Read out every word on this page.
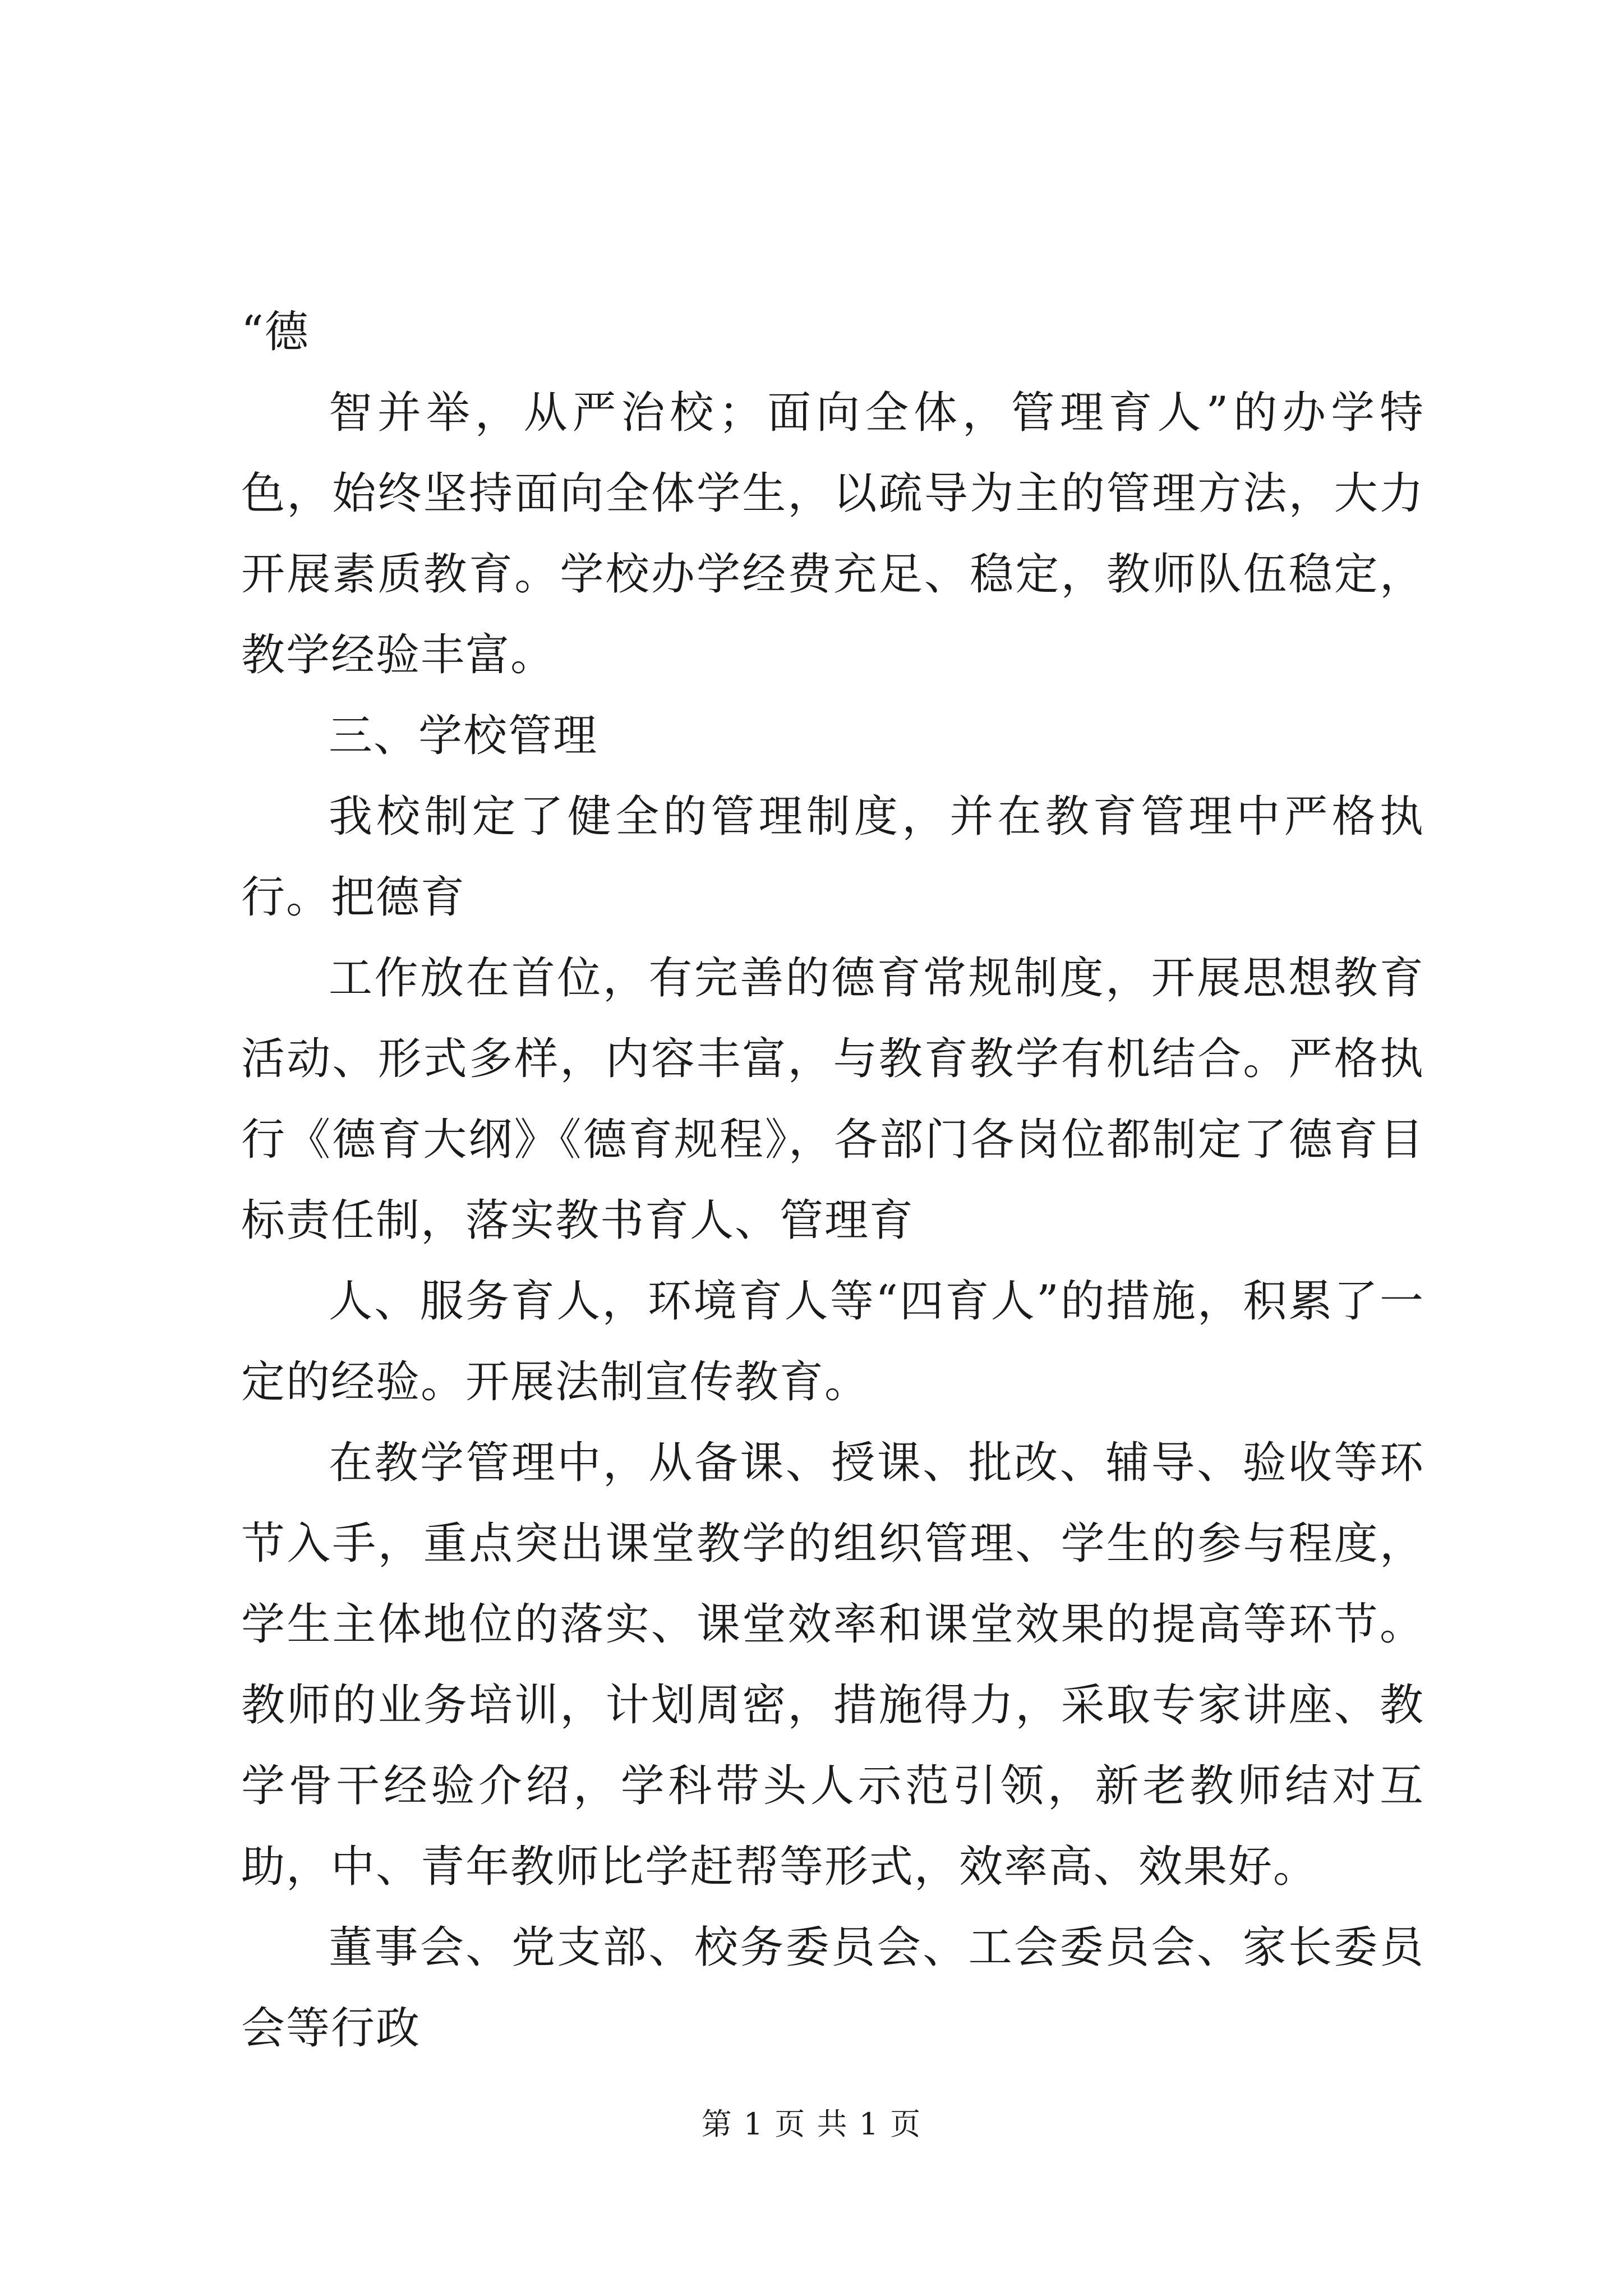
“德

智并举，从严治校；面向全体，管理育人”的办学特色，始终坚持面向全体学生，以疏导为主的管理方法，大力开展素质教育。学校办学经费充足、稳定，教师队伍稳定，教学经验丰富。

三、学校管理

我校制定了健全的管理制度，并在教育管理中严格执行。把德育

工作放在首位，有完善的德育常规制度，开展思想教育活动、形式多样，内容丰富，与教育教学有机结合。严格执行《德育大纲》《德育规程》，各部门各岗位都制定了德育目标责任制，落实教书育人、管理育

人、服务育人，环境育人等“四育人”的措施，积累了一定的经验。开展法制宣传教育。

在教学管理中，从备课、授课、批改、辅导、验收等环节入手，重点突出课堂教学的组织管理、学生的参与程度，学生主体地位的落实、课堂效率和课堂效果的提高等环节。教师的业务培训，计划周密，措施得力，采取专家讲座、教学骨干经验介绍，学科带头人示范引领，新老教师结对互助，中、青年教师比学赶帮等形式，效率高、效果好。

董事会、党支部、校务委员会、工会委员会、家长委员会等行政

第 1 页 共 1 页
